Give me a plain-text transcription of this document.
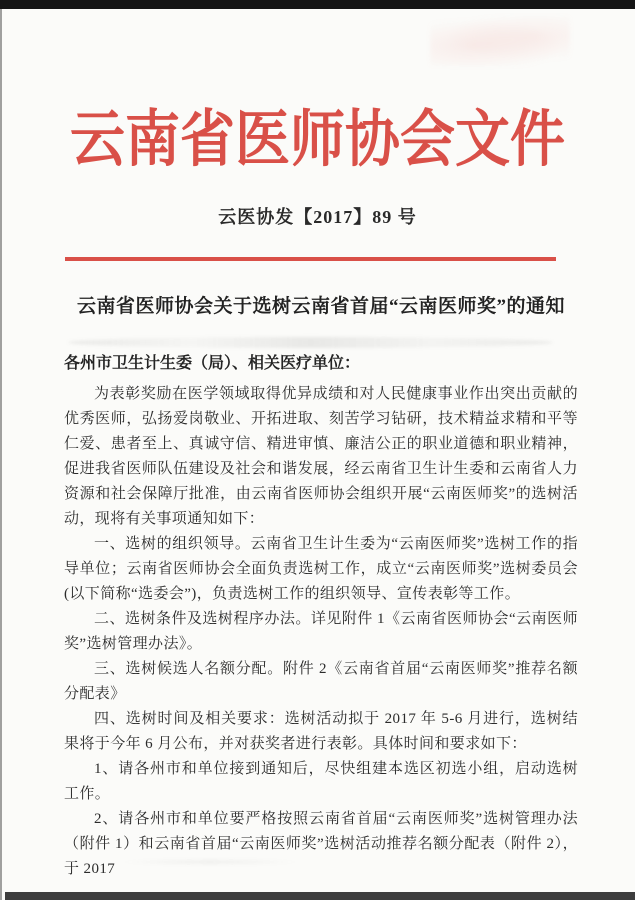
云南省医师协会文件
云医协发【2017】89 号
云南省医师协会关于选树云南省首届“云南医师奖”的通知

各州市卫生计生委（局）、相关医疗单位：

为表彰奖励在医学领域取得优异成绩和对人民健康事业作出突出贡献的优秀医师，弘扬爱岗敬业、开拓进取、刻苦学习钻研，技术精益求精和平等仁爱、患者至上、真诚守信、精进审慎、廉洁公正的职业道德和职业精神，促进我省医师队伍建设及社会和谐发展，经云南省卫生计生委和云南省人力资源和社会保障厅批准，由云南省医师协会组织开展“云南医师奖”的选树活动，现将有关事项通知如下：

一、选树的组织领导。云南省卫生计生委为“云南医师奖”选树工作的指导单位；云南省医师协会全面负责选树工作，成立“云南医师奖”选树委员会(以下简称“选委会”)，负责选树工作的组织领导、宣传表彰等工作。

二、选树条件及选树程序办法。详见附件 1《云南省医师协会“云南医师奖”选树管理办法》。

三、选树候选人名额分配。附件 2《云南省首届“云南医师奖”推荐名额分配表》

四、选树时间及相关要求：选树活动拟于 2017 年 5-6 月进行，选树结果将于今年 6 月公布，并对获奖者进行表彰。具体时间和要求如下：

1、请各州市和单位接到通知后，尽快组建本选区初选小组，启动选树工作。

2、请各州市和单位要严格按照云南省首届“云南医师奖”选树管理办法（附件 1）和云南省首届“云南医师奖”选树活动推荐名额分配表（附件 2），于 2017
